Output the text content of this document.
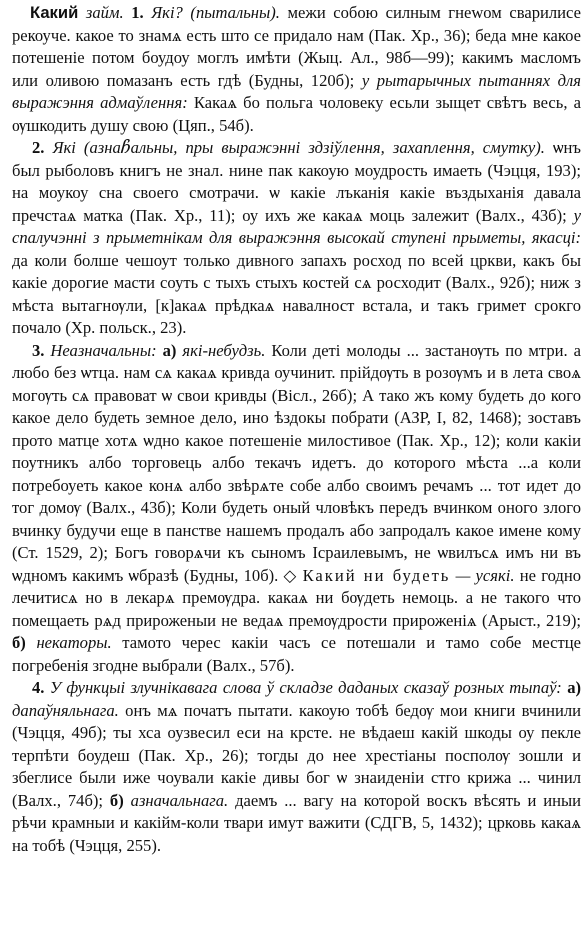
Какий займ. 1. Які? (пытальны). межи собою силным гнewом сварилисе рекоуче. какое то знамѧ есть што се придало нам (Пак. Хр., 36); беда мне какое потешеніе потом боудоу моглъ имѣти (Жыц. Ал., 98б—99); какимъ масломъ или оливою помазанъ есть гдѣ (Будны, 120б); у рытарычных пытаннях для выражэння адмаўлення: Какаѧ бо польга чоловеку есьли зыщет свѣтъ весь, а ѹшкодить душу свою (Цяп., 54б).

2. Які (азнаჩальны, пры выражэнні здзіўлення, захаплення, смутку). ѡнъ был рыболовъ книгъ не знал. нине пак какоую моудрость имаеть (Чэцця, 193); на моукоу сна своего смотрачи. ѡ какіе лъканія какіе въздыханія давала пречстаѧ матка (Пак. Хр., 11); оу ихъ же какаѧ моць залежит (Валх., 43б); у спалучэнні з прыметнікам для выражэння высокай ступені прыметы, якасці: да коли болше чешоут только дивного запахъ росход по всей цркви, какъ бы какіе дорогие масти соуть с тыхъ стыхъ костей сѧ росходит (Валх., 92б); ниж з мѣста вытагнѹли, [к]акаѧ прѣдкаѧ навалност встала, и такъ гримет срокго почало (Хр. польск., 23).

3. Неазначальны: а) які-небудзь. Коли детi молоды ... застанѹть по мтри. а любо без ѡтца. нам сѧ какаѧ кривда оучинит. прiйдѹть в розѹмъ и в лета своѧ могѹть сѧ правоват ѡ свои кривды (Вісл., 26б); А тако жъ кому будеть до кого какое дело будеть земное дело, ино ѣздокы побрати (АЗР, I, 82, 1468); зоставъ прото матце хотѧ ѡдно какое потешеніе милостивое (Пак. Хр., 12); коли какiи поутникъ албо торговець албо текачъ идетъ. до которого мѣста ...а коли потребоуеть какое конѧ албо звѣрѧте собе албо своимъ речамъ ... тот идет до тог домѹ (Валх., 43б); Коли будеть оный чловѣкъ передъ вчинком оного злого вчинку будучи еще в панстве нашемъ продалъ або запродалъ какое имене кому (Ст. 1529, 2); Богъ говорѧчи къ сыномъ Ісраилевымъ, не ѡвилъсѧ имъ ни въ ѡдномъ какимъ ѡбразѣ (Будны, 10б). ◇ Какий ни будеть — усякі. не годно лечитисѧ но в лекарѧ премѹдра. какаѧ ни бѹдеть немоць. а не такого что помещаеть рѧд прироженыи не ведаѧ премѹдрости прироженіѧ (Арыст., 219); б) некаторы. тамото черес какіи часъ се потешали и тамо собе местце погребенія згодне выбрали (Валх., 57б).

4. У функцыі злучнікавага слова ў складзе даданых сказаў розных тыпаў: а) дапаўняльнага. онъ мѧ початъ пытати. какоую тобѣ бедѹ мои книги вчинили (Чэцця, 49б); ты хса оузвесил еси на крсте. не вѣдаеш какій шкоды оу пекле терпѣти боудеш (Пак. Хр., 26); тогды до нее хрестіаны посполѹ зошли и збеглисе были иже чоували какіе дивы бог ѡ знаиденіи стго крижа ... чинил (Валх., 74б); б) азначальнага. даемъ ... вагу на которой воскъ вѣсять и иныи рѣчи крамныи и какiйм-коли твари имут важити (СДГВ, 5, 1432); црковь какаѧ на тобѣ (Чэцця, 255).
